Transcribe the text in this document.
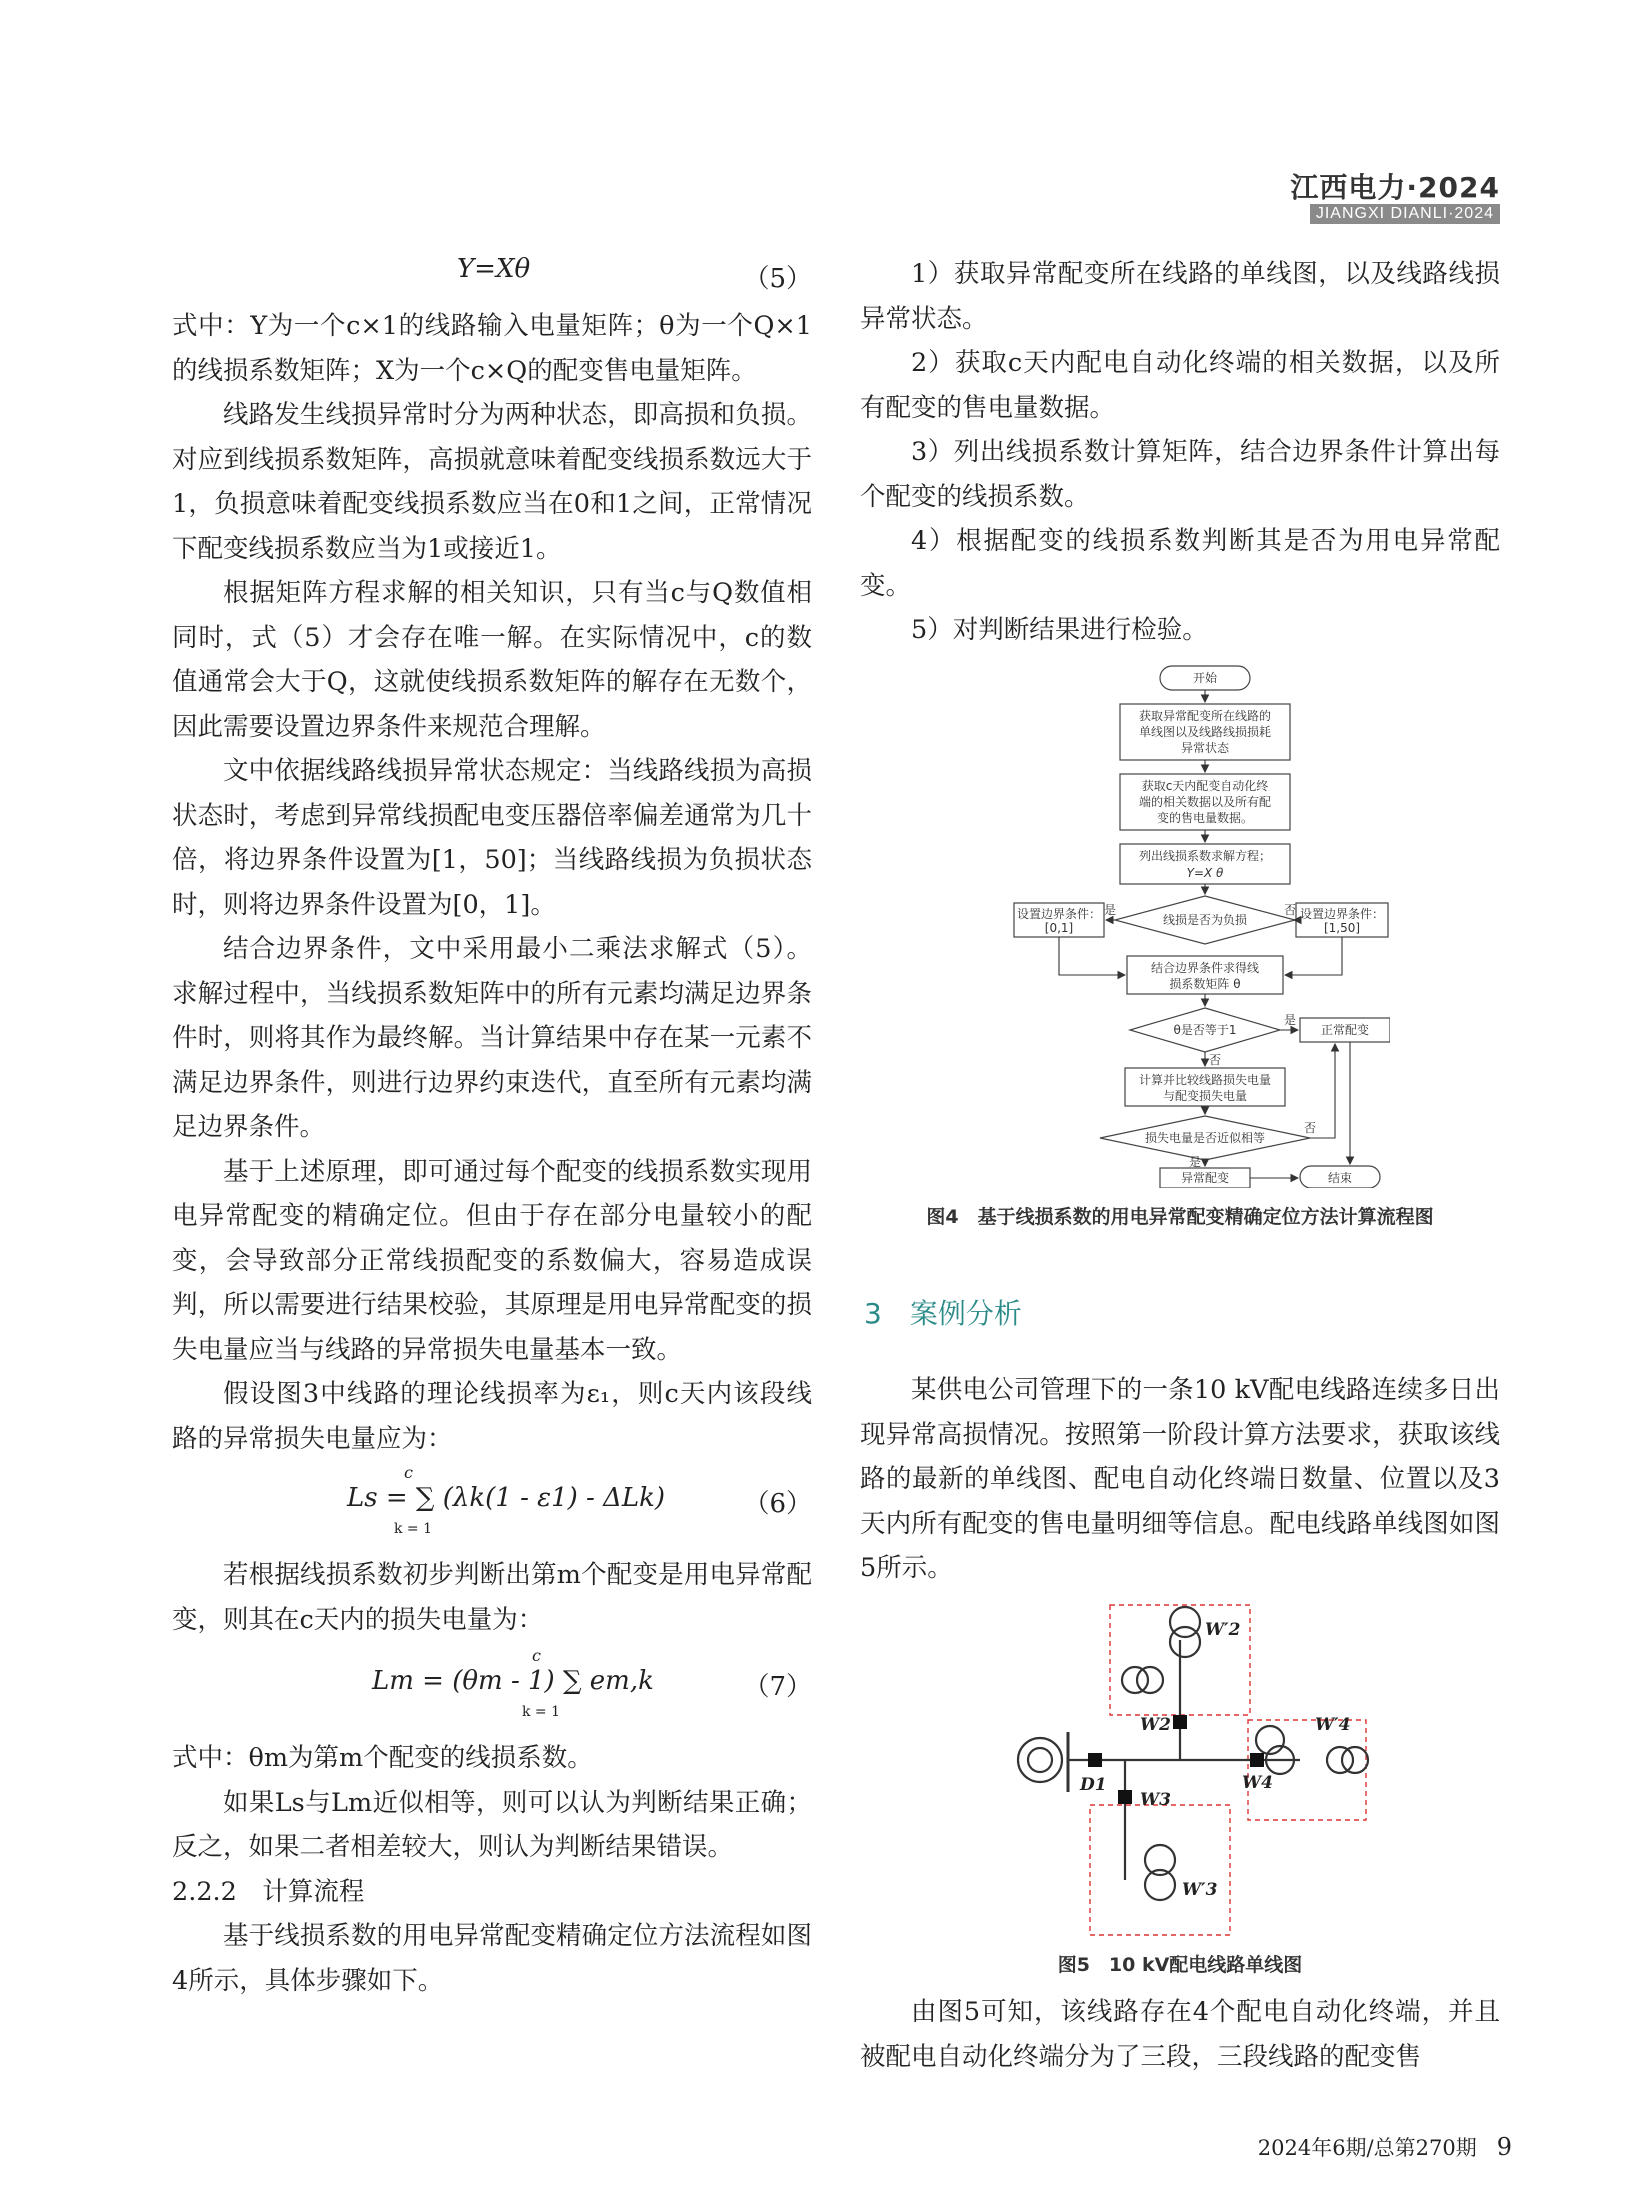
江西电力·2024
JIANGXI DIANLI·2024
Y=Xθ	（5）

式中：Y为一个c×1的线路输入电量矩阵；θ为一个Q×1的线损系数矩阵；X为一个c×Q的配变售电量矩阵。

线路发生线损异常时分为两种状态，即高损和负损。对应到线损系数矩阵，高损就意味着配变线损系数远大于1，负损意味着配变线损系数应当在0和1之间，正常情况下配变线损系数应当为1或接近1。

根据矩阵方程求解的相关知识，只有当c与Q数值相同时，式（5）才会存在唯一解。在实际情况中，c的数值通常会大于Q，这就使线损系数矩阵的解存在无数个，因此需要设置边界条件来规范合理解。

文中依据线路线损异常状态规定：当线路线损为高损状态时，考虑到异常线损配电变压器倍率偏差通常为几十倍，将边界条件设置为[1，50]；当线路线损为负损状态时，则将边界条件设置为[0，1]。

结合边界条件，文中采用最小二乘法求解式（5）。求解过程中，当线损系数矩阵中的所有元素均满足边界条件时，则将其作为最终解。当计算结果中存在某一元素不满足边界条件，则进行边界约束迭代，直至所有元素均满足边界条件。

基于上述原理，即可通过每个配变的线损系数实现用电异常配变的精确定位。但由于存在部分电量较小的配变，会导致部分正常线损配变的系数偏大，容易造成误判，所以需要进行结果校验，其原理是用电异常配变的损失电量应当与线路的异常损失电量基本一致。

假设图3中线路的理论线损率为ε₁，则c天内该段线路的异常损失电量应为：

c
Ls = ∑ (λk(1 - ε1) - ΔLk)
k = 1
（6）

若根据线损系数初步判断出第m个配变是用电异常配变，则其在c天内的损失电量为：

c
Lm = (θm - 1) ∑ em,k
k = 1
（7）

式中：θm为第m个配变的线损系数。

如果Ls与Lm近似相等，则可以认为判断结果正确；反之，如果二者相差较大，则认为判断结果错误。

2.2.2　计算流程

基于线损系数的用电异常配变精确定位方法流程如图4所示，具体步骤如下。

1）获取异常配变所在线路的单线图，以及线路线损异常状态。

2）获取c天内配电自动化终端的相关数据，以及所有配变的售电量数据。

3）列出线损系数计算矩阵，结合边界条件计算出每个配变的线损系数。

4）根据配变的线损系数判断其是否为用电异常配变。

5）对判断结果进行检验。

开始
获取异常配变所在线路的
单线图以及线路线损损耗
异常状态
获取c天内配变自动化终
端的相关数据以及所有配
变的售电量数据。
列出线损系数求解方程；
Y=X θ
线损是否为负损
是	否
设置边界条件：
[0,1]
设置边界条件：
[1,50]
结合边界条件求得线
损系数矩阵 θ
θ是否等于1
是
正常配变
否
计算并比较线路损失电量
与配变损失电量
损失电量是否近似相等
否
是
异常配变	结束
图4　基于线损系数的用电异常配变精确定位方法计算流程图
3　案例分析

某供电公司管理下的一条10 kV配电线路连续多日出现异常高损情况。按照第一阶段计算方法要求，获取该线路的最新的单线图、配电自动化终端日数量、位置以及3天内所有配变的售电量明细等信息。配电线路单线图如图5所示。

D1
W2
W3
W4
W′2
W′3
W′4
图5　10 kV配电线路单线图

由图5可知，该线路存在4个配电自动化终端，并且被配电自动化终端分为了三段，三段线路的配变售

2024年6期/总第270期 9
